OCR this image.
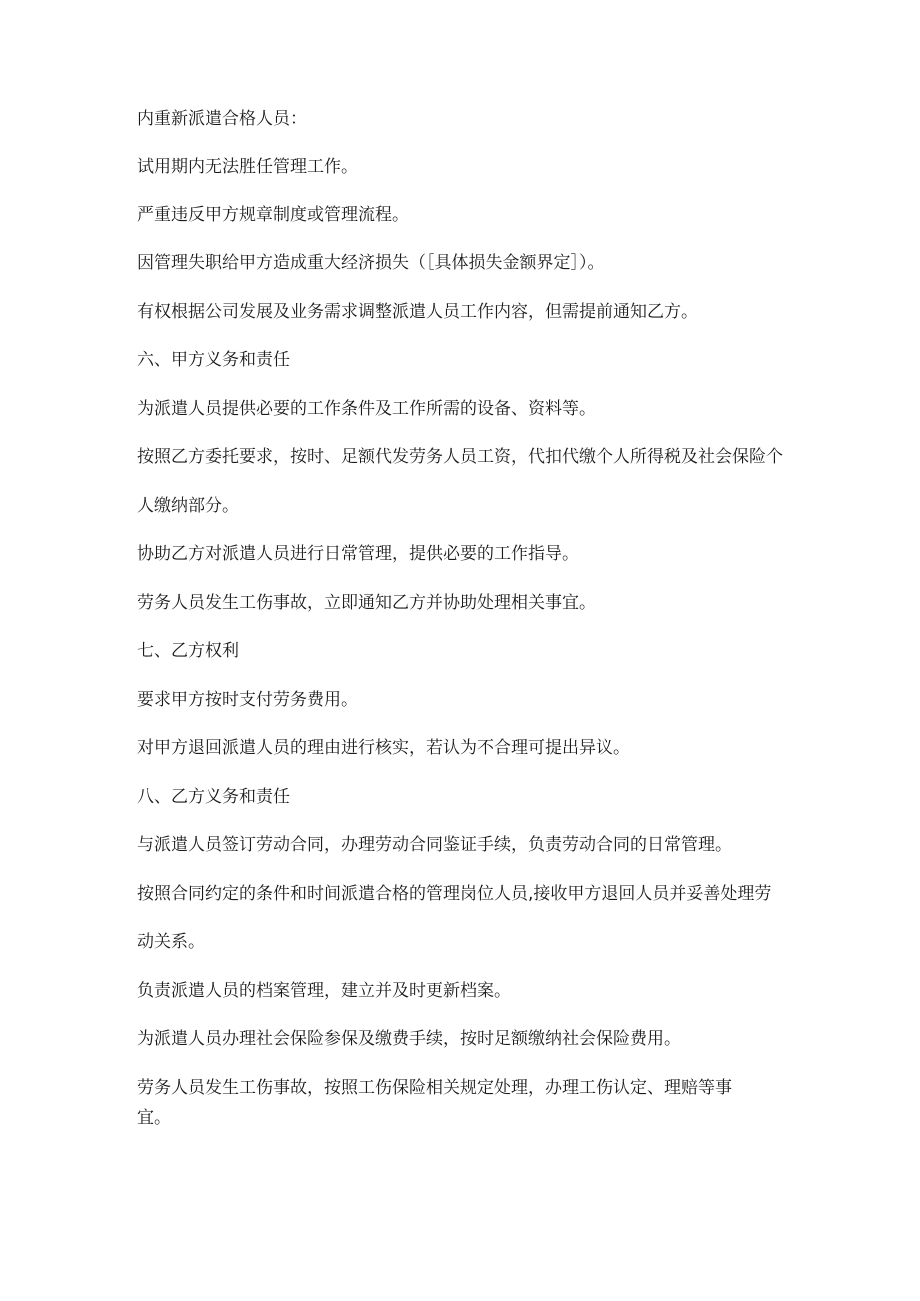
内重新派遣合格人员：

试用期内无法胜任管理工作。

严重违反甲方规章制度或管理流程。

因管理失职给甲方造成重大经济损失（［具体损失金额界定］）。

有权根据公司发展及业务需求调整派遣人员工作内容，但需提前通知乙方。

六、甲方义务和责任

为派遣人员提供必要的工作条件及工作所需的设备、资料等。

按照乙方委托要求，按时、足额代发劳务人员工资，代扣代缴个人所得税及社会保险个

人缴纳部分。

协助乙方对派遣人员进行日常管理，提供必要的工作指导。

劳务人员发生工伤事故，立即通知乙方并协助处理相关事宜。

七、乙方权利

要求甲方按时支付劳务费用。

对甲方退回派遣人员的理由进行核实，若认为不合理可提出异议。

八、乙方义务和责任

与派遣人员签订劳动合同，办理劳动合同鉴证手续，负责劳动合同的日常管理。

按照合同约定的条件和时间派遣合格的管理岗位人员,接收甲方退回人员并妥善处理劳

动关系。

负责派遣人员的档案管理，建立并及时更新档案。

为派遣人员办理社会保险参保及缴费手续，按时足额缴纳社会保险费用。

劳务人员发生工伤事故，按照工伤保险相关规定处理，办理工伤认定、理赔等事

宜。
